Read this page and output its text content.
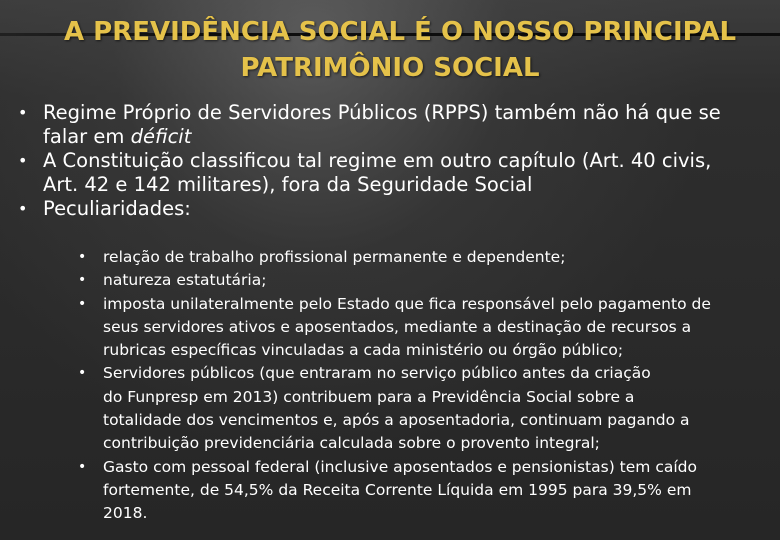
A PREVIDÊNCIA SOCIAL É O NOSSO PRINCIPAL
PATRIMÔNIO SOCIAL
• Regime Próprio de Servidores Públicos (RPPS) também não há que se
falar em déficit
• A Constituição classificou tal regime em outro capítulo (Art. 40 civis,
Art. 42 e 142 militares), fora da Seguridade Social
• Peculiaridades:
• relação de trabalho profissional permanente e dependente;
• natureza estatutária;
• imposta unilateralmente pelo Estado que fica responsável pelo pagamento de
seus servidores ativos e aposentados, mediante a destinação de recursos a
rubricas específicas vinculadas a cada ministério ou órgão público;
• Servidores públicos (que entraram no serviço público antes da criação
do Funpresp em 2013) contribuem para a Previdência Social sobre a
totalidade dos vencimentos e, após a aposentadoria, continuam pagando a
contribuição previdenciária calculada sobre o provento integral;
• Gasto com pessoal federal (inclusive aposentados e pensionistas) tem caído
fortemente, de 54,5% da Receita Corrente Líquida em 1995 para 39,5% em
2018.
